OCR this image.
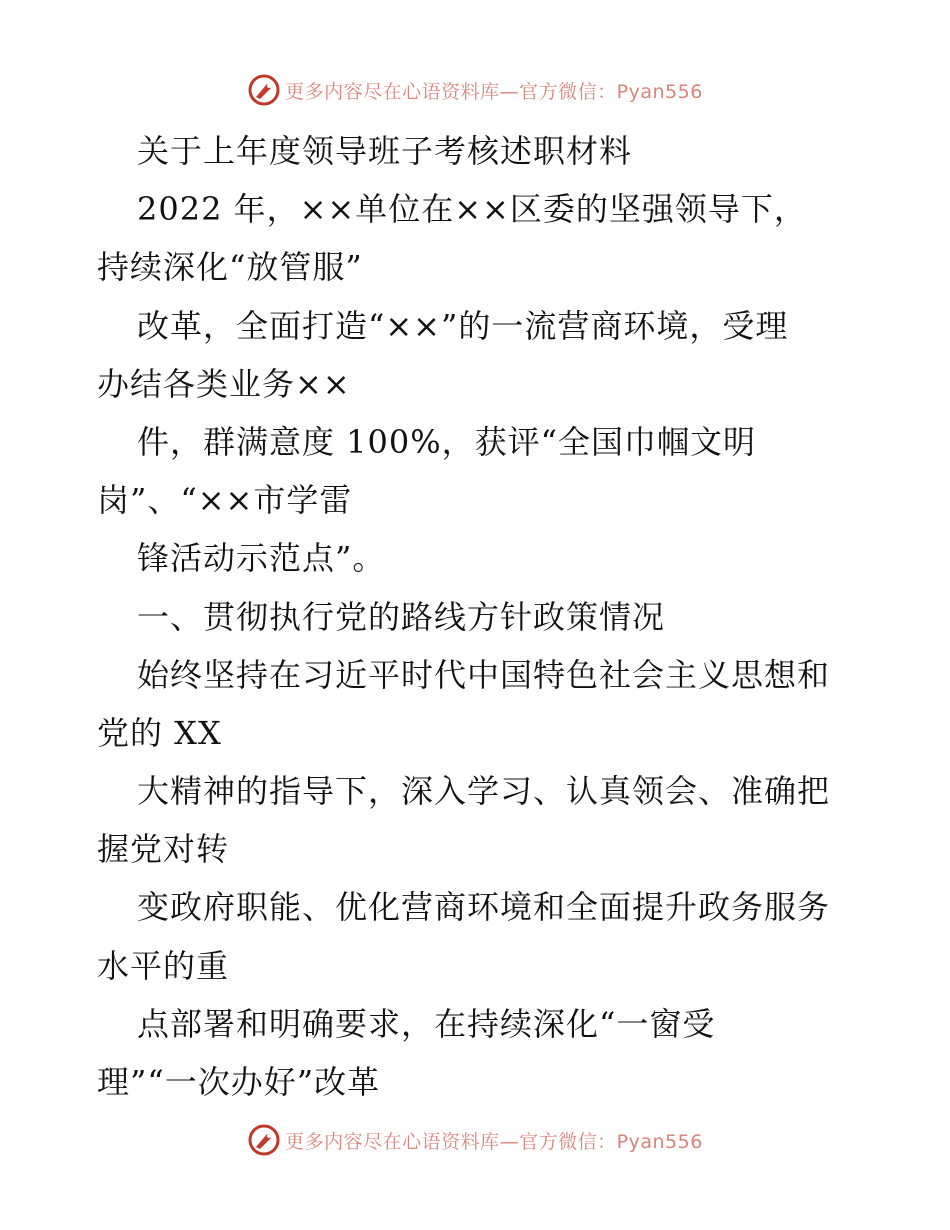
更多内容尽在心语资料库—官方微信：Pyan556
关于上年度领导班子考核述职材料
2022 年，××单位在××区委的坚强领导下，
持续深化“放管服”
改革，全面打造“××”的一流营商环境，受理
办结各类业务××
件，群满意度 100%，获评“全国巾帼文明
岗”、“××市学雷
锋活动示范点”。
一、贯彻执行党的路线方针政策情况
始终坚持在习近平时代中国特色社会主义思想和
党的 XX
大精神的指导下，深入学习、认真领会、准确把
握党对转
变政府职能、优化营商环境和全面提升政务服务
水平的重
点部署和明确要求，在持续深化“一窗受
理”“一次办好”改革
更多内容尽在心语资料库—官方微信：Pyan556
